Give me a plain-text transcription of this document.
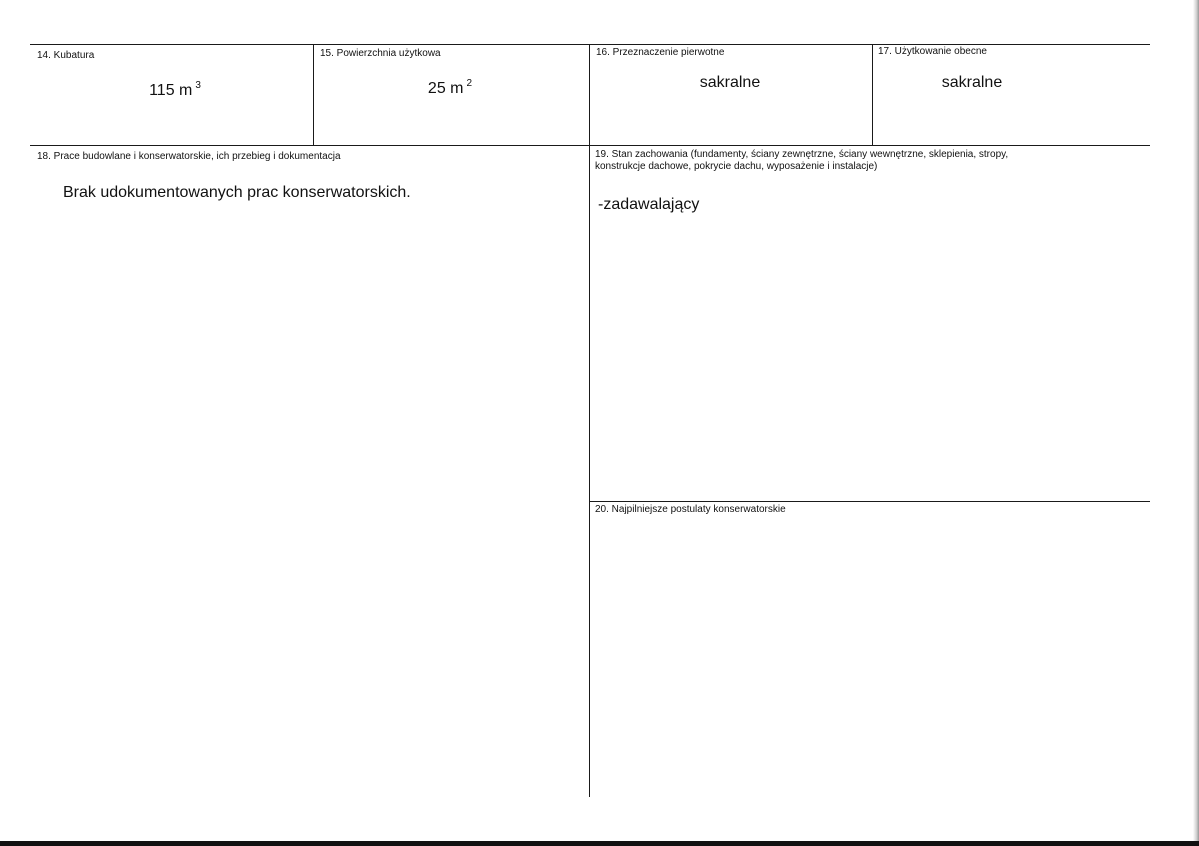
14. Kubatura
115 m $^3$
15. Powierzchnia użytkowa
25 m $^2$
16. Przeznaczenie pierwotne
sakralne
17. Użytkowanie obecne
sakralne
18. Prace budowlane i konserwatorskie, ich przebieg i dokumentacja
Brak udokumentowanych prac konserwatorskich.
19. Stan zachowania (fundamenty, ściany zewnętrzne, ściany wewnętrzne, sklepienia, stropy,
konstrukcje dachowe, pokrycie dachu, wyposażenie i instalacje)
-zadawalający
20. Najpilniejsze postulaty konserwatorskie
